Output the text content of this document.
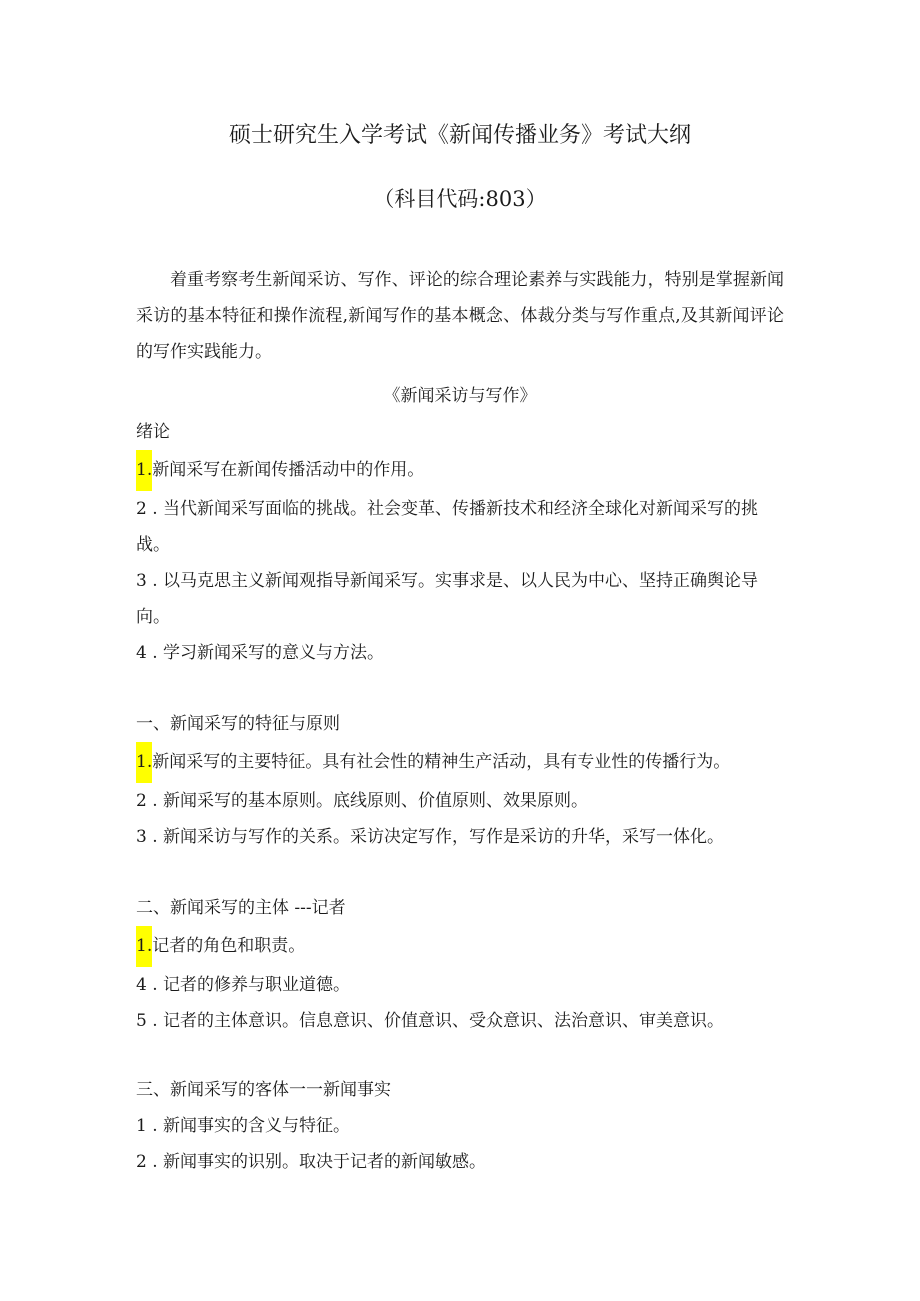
硕士研究生入学考试《新闻传播业务》考试大纲
（科目代码:803）
着重考察考生新闻采访、写作、评论的综合理论素养与实践能力，特别是掌握新闻采访的基本特征和操作流程,新闻写作的基本概念、体裁分类与写作重点,及其新闻评论的写作实践能力。
《新闻采访与写作》
绪论
1.新闻采写在新闻传播活动中的作用。
2 . 当代新闻采写面临的挑战。社会变革、传播新技术和经济全球化对新闻采写的挑战。
3 . 以马克思主义新闻观指导新闻采写。实事求是、以人民为中心、坚持正确舆论导向。
4 . 学习新闻采写的意义与方法。
一、新闻采写的特征与原则
1.新闻采写的主要特征。具有社会性的精神生产活动，具有专业性的传播行为。
2 . 新闻采写的基本原则。底线原则、价值原则、效果原则。
3 . 新闻采访与写作的关系。采访决定写作，写作是采访的升华，采写一体化。
二、新闻采写的主体 ---记者
1.记者的角色和职责。
4 . 记者的修养与职业道德。
5 . 记者的主体意识。信息意识、价值意识、受众意识、法治意识、审美意识。
三、新闻采写的客体一一新闻事实
1 . 新闻事实的含义与特征。
2 . 新闻事实的识别。取决于记者的新闻敏感。
